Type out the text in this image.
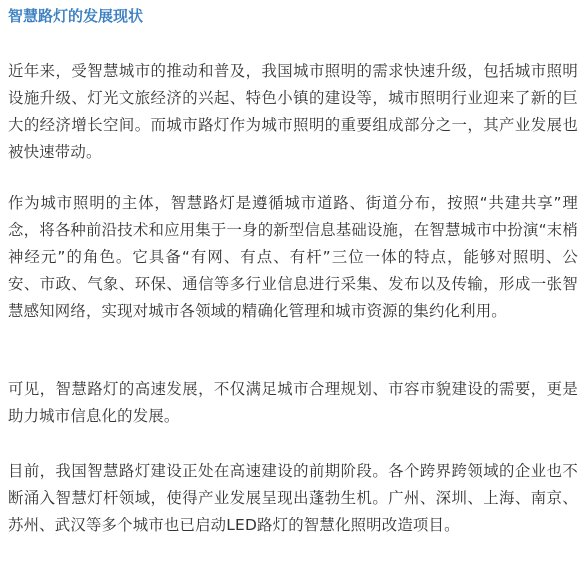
智慧路灯的发展现状

近年来，受智慧城市的推动和普及，我国城市照明的需求快速升级，包括城市照明设施升级、灯光文旅经济的兴起、特色小镇的建设等，城市照明行业迎来了新的巨大的经济增长空间。而城市路灯作为城市照明的重要组成部分之一，其产业发展也被快速带动。

作为城市照明的主体，智慧路灯是遵循城市道路、街道分布，按照“共建共享”理念，将各种前沿技术和应用集于一身的新型信息基础设施，在智慧城市中扮演“末梢神经元”的角色。它具备“有网、有点、有杆”三位一体的特点，能够对照明、公安、市政、气象、环保、通信等多行业信息进行采集、发布以及传输，形成一张智慧感知网络，实现对城市各领域的精确化管理和城市资源的集约化利用。

可见，智慧路灯的高速发展，不仅满足城市合理规划、市容市貌建设的需要，更是助力城市信息化的发展。

目前，我国智慧路灯建设正处在高速建设的前期阶段。各个跨界跨领域的企业也不断涌入智慧灯杆领域，使得产业发展呈现出蓬勃生机。广州、深圳、上海、南京、苏州、武汉等多个城市也已启动LED路灯的智慧化照明改造项目。
